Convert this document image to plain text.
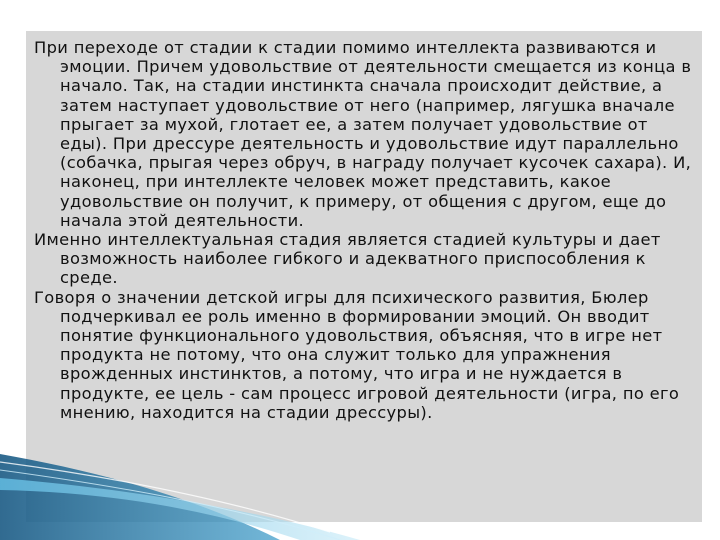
При переходе от стадии к стадии помимо интеллекта развиваются и эмоции. Причем удовольствие от деятельности смещается из конца в начало. Так, на стадии инстинкта сначала происходит действие, а затем наступает удовольствие от него (например, лягушка вначале прыгает за мухой, глотает ее, а затем получает удовольствие от еды). При дрессуре деятельность и удовольствие идут параллельно (собачка, прыгая через обруч, в награду получает кусочек сахара). И, наконец, при интеллекте человек может представить, какое удовольствие он получит, к примеру, от общения с другом, еще до начала этой деятельности.

Именно интеллектуальная стадия является стадией культуры и дает возможность наиболее гибкого и адекватного приспособления к среде.

Говоря о значении детской игры для психического развития, Бюлер подчеркивал ее роль именно в формировании эмоций. Он вводит понятие функционального удовольствия, объясняя, что в игре нет продукта не потому, что она служит только для упражнения врожденных инстинктов, а потому, что игра и не нуждается в продукте, ее цель - сам процесс игровой деятельности (игра, по его мнению, находится на стадии дрессуры).
